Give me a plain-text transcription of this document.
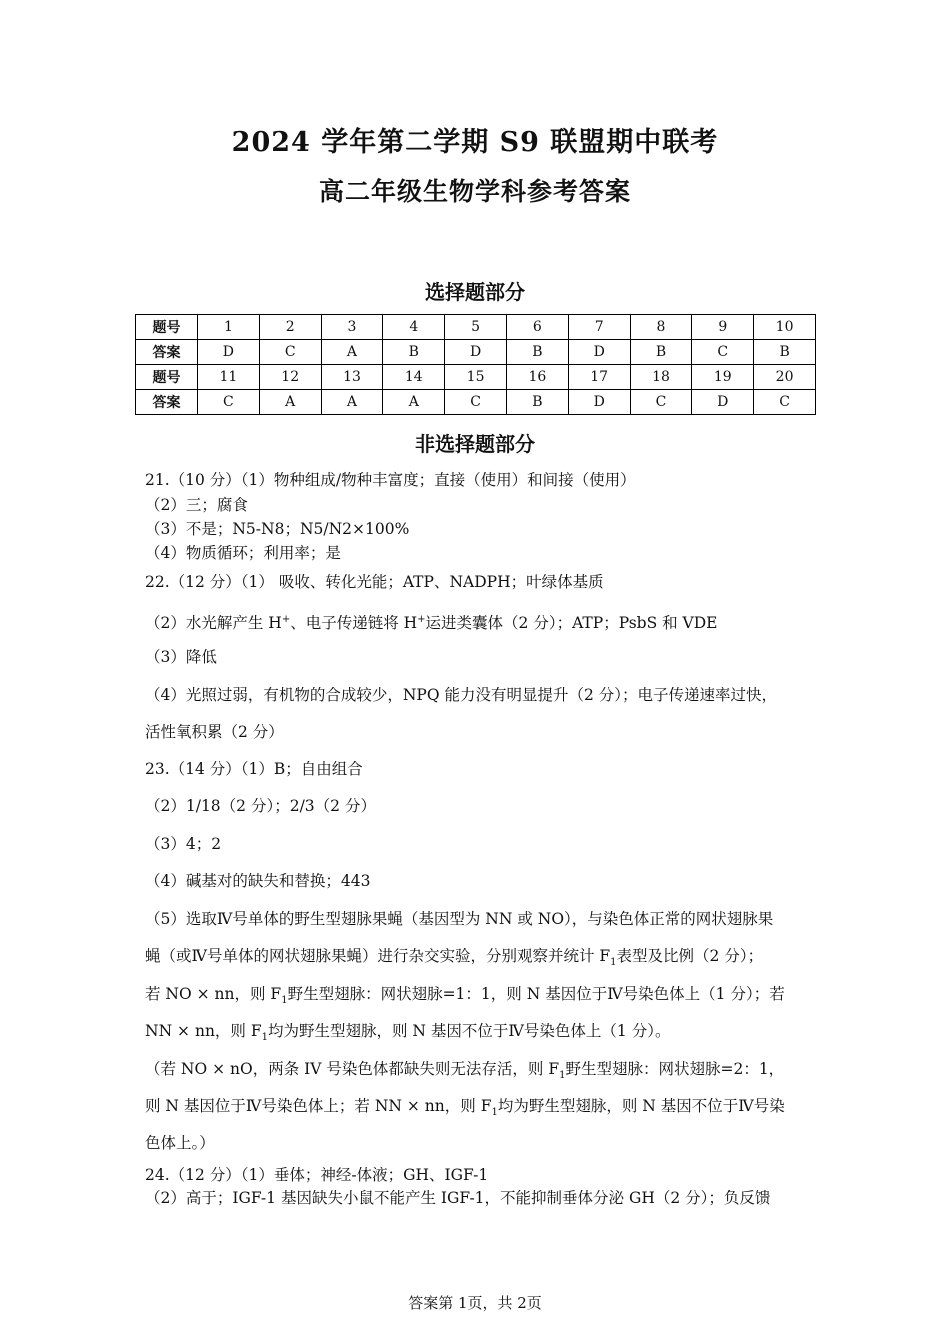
2024 学年第二学期 S9 联盟期中联考
高二年级生物学科参考答案
选择题部分
题号	1	2	3	4	5	6	7	8	9	10
答案	D	C	A	B	D	B	D	B	C	B
题号	11	12	13	14	15	16	17	18	19	20
答案	C	A	A	A	C	B	D	C	D	C
非选择题部分
21.（10 分）（1）物种组成/物种丰富度；直接（使用）和间接（使用）
（2）三；腐食
（3）不是；N5-N8；N5/N2×100%
（4）物质循环；利用率；是
22.（12 分）（1） 吸收、转化光能；ATP、NADPH；叶绿体基质
（2）水光解产生 H+、电子传递链将 H+运进类囊体（2 分）；ATP；PsbS 和 VDE
（3）降低
（4）光照过弱，有机物的合成较少，NPQ 能力没有明显提升（2 分）；电子传递速率过快，
活性氧积累（2 分）
23.（14 分）（1）B；自由组合
（2）1/18（2 分）；2/3（2 分）
（3）4；2
（4）碱基对的缺失和替换；443
（5）选取Ⅳ号单体的野生型翅脉果蝇（基因型为 NN 或 NO），与染色体正常的网状翅脉果
蝇（或Ⅳ号单体的网状翅脉果蝇）进行杂交实验，分别观察并统计 $F_1$表型及比例（2 分）；
若 NO × nn，则 $F_1$野生型翅脉：网状翅脉=1：1，则 N 基因位于Ⅳ号染色体上（1 分）；若
NN × nn，则 $F_1$均为野生型翅脉，则 N 基因不位于Ⅳ号染色体上（1 分）。
（若 NO × nO，两条 IV 号染色体都缺失则无法存活，则 $F_1$野生型翅脉：网状翅脉=2：1，
则 N 基因位于Ⅳ号染色体上；若 NN × nn，则 $F_1$均为野生型翅脉，则 N 基因不位于Ⅳ号染
色体上。）
24.（12 分）（1）垂体；神经-体液；GH、IGF-1
（2）高于；IGF-1 基因缺失小鼠不能产生 IGF-1，不能抑制垂体分泌 GH（2 分）；负反馈
答案第 1页，共 2页
